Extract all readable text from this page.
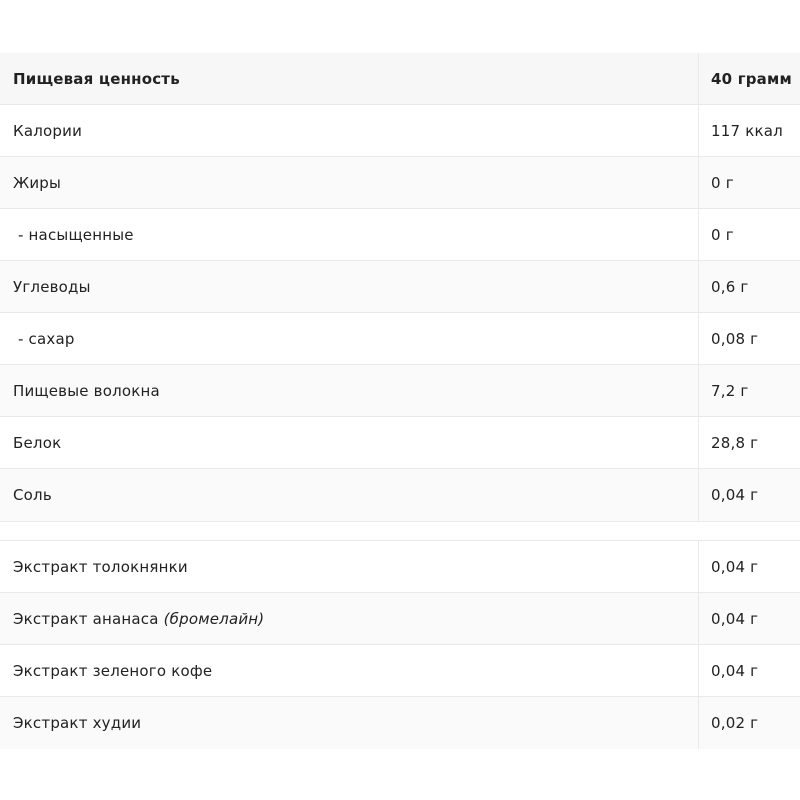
Пищевая ценность	40 грамм
Калории	117 ккал
Жиры	0 г
- насыщенные	0 г
Углеводы	0,6 г
- сахар	0,08 г
Пищевые волокна	7,2 г
Белок	28,8 г
Соль	0,04 г
Экстракт толокнянки	0,04 г
Экстракт ананаса (бромелайн)	0,04 г
Экстракт зеленого кофе	0,04 г
Экстракт худии	0,02 г
